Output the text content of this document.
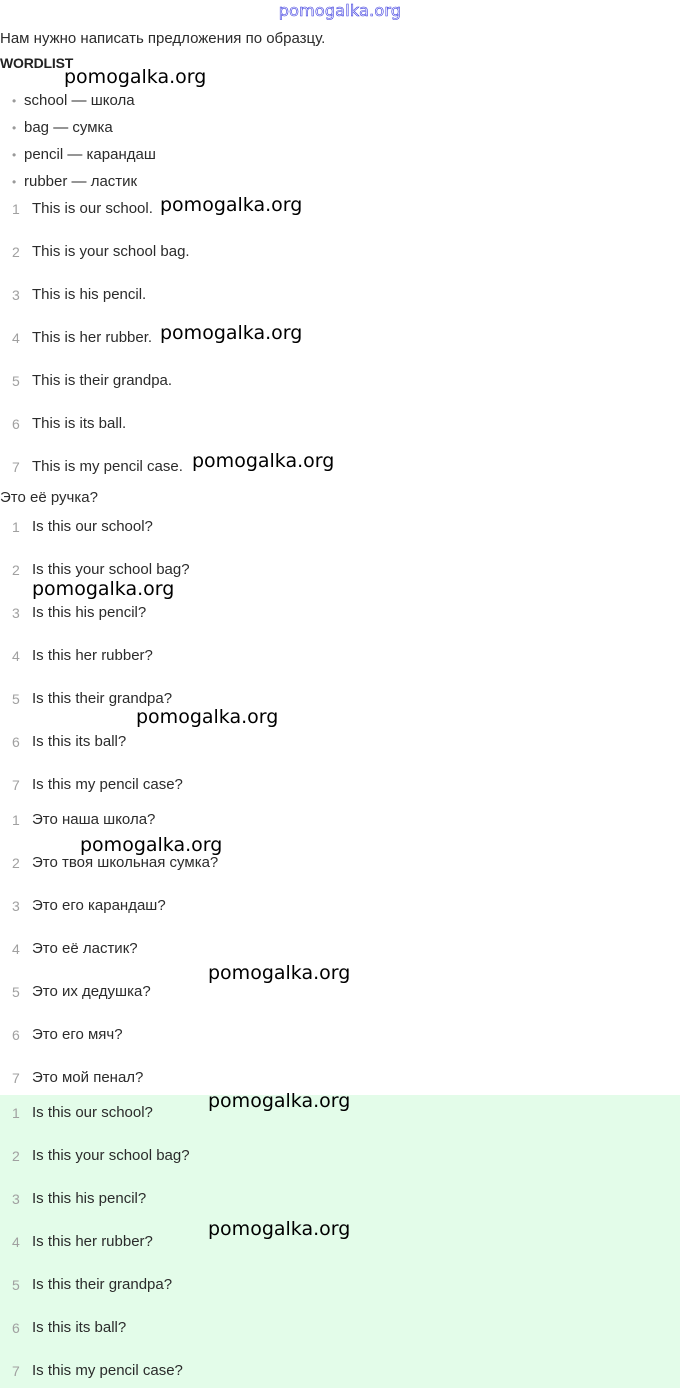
pomogalka.org
Нам нужно написать предложения по образцу.
WORDLIST
• school — школа
• bag — сумка
• pencil — карандаш
• rubber — ластик
1 This is our school.
2 This is your school bag.
3 This is his pencil.
4 This is her rubber.
5 This is their grandpa.
6 This is its ball.
7 This is my pencil case.
Это её ручка?
1 Is this our school?
2 Is this your school bag?
3 Is this his pencil?
4 Is this her rubber?
5 Is this their grandpa?
6 Is this its ball?
7 Is this my pencil case?
1 Это наша школа?
2 Это твоя школьная сумка?
3 Это его карандаш?
4 Это её ластик?
5 Это их дедушка?
6 Это его мяч?
7 Это мой пенал?
1 Is this our school?
2 Is this your school bag?
3 Is this his pencil?
4 Is this her rubber?
5 Is this their grandpa?
6 Is this its ball?
7 Is this my pencil case?
pomogalka.org
pomogalka.org
pomogalka.org
pomogalka.org
pomogalka.org
pomogalka.org
pomogalka.org
pomogalka.org
pomogalka.org
pomogalka.org
